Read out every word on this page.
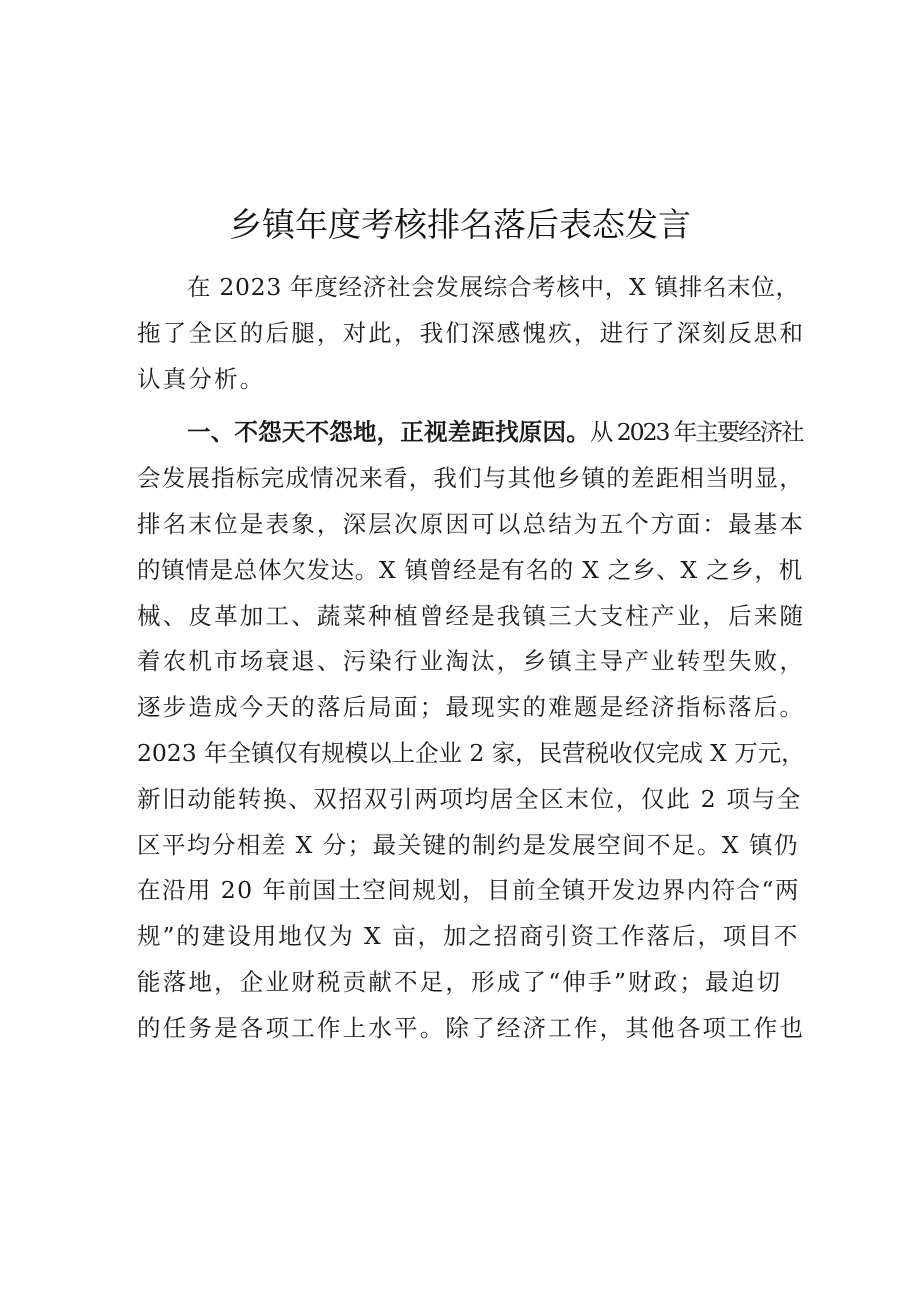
乡镇年度考核排名落后表态发言
在 2023 年度经济社会发展综合考核中，X 镇排名末位，
拖了全区的后腿，对此，我们深感愧疚，进行了深刻反思和
认真分析。
一、不怨天不怨地，正视差距找原因。从 2023 年主要经济社
会发展指标完成情况来看，我们与其他乡镇的差距相当明显，
排名末位是表象，深层次原因可以总结为五个方面：最基本
的镇情是总体欠发达。X 镇曾经是有名的 X 之乡、X 之乡，机
械、皮革加工、蔬菜种植曾经是我镇三大支柱产业，后来随
着农机市场衰退、污染行业淘汰，乡镇主导产业转型失败，
逐步造成今天的落后局面；最现实的难题是经济指标落后。
2023 年全镇仅有规模以上企业 2 家，民营税收仅完成 X 万元，
新旧动能转换、双招双引两项均居全区末位，仅此 2 项与全
区平均分相差 X 分；最关键的制约是发展空间不足。X 镇仍
在沿用 20 年前国土空间规划，目前全镇开发边界内符合“两
规”的建设用地仅为 X 亩，加之招商引资工作落后，项目不
能落地，企业财税贡献不足，形成了“伸手”财政；最迫切
的任务是各项工作上水平。除了经济工作，其他各项工作也
